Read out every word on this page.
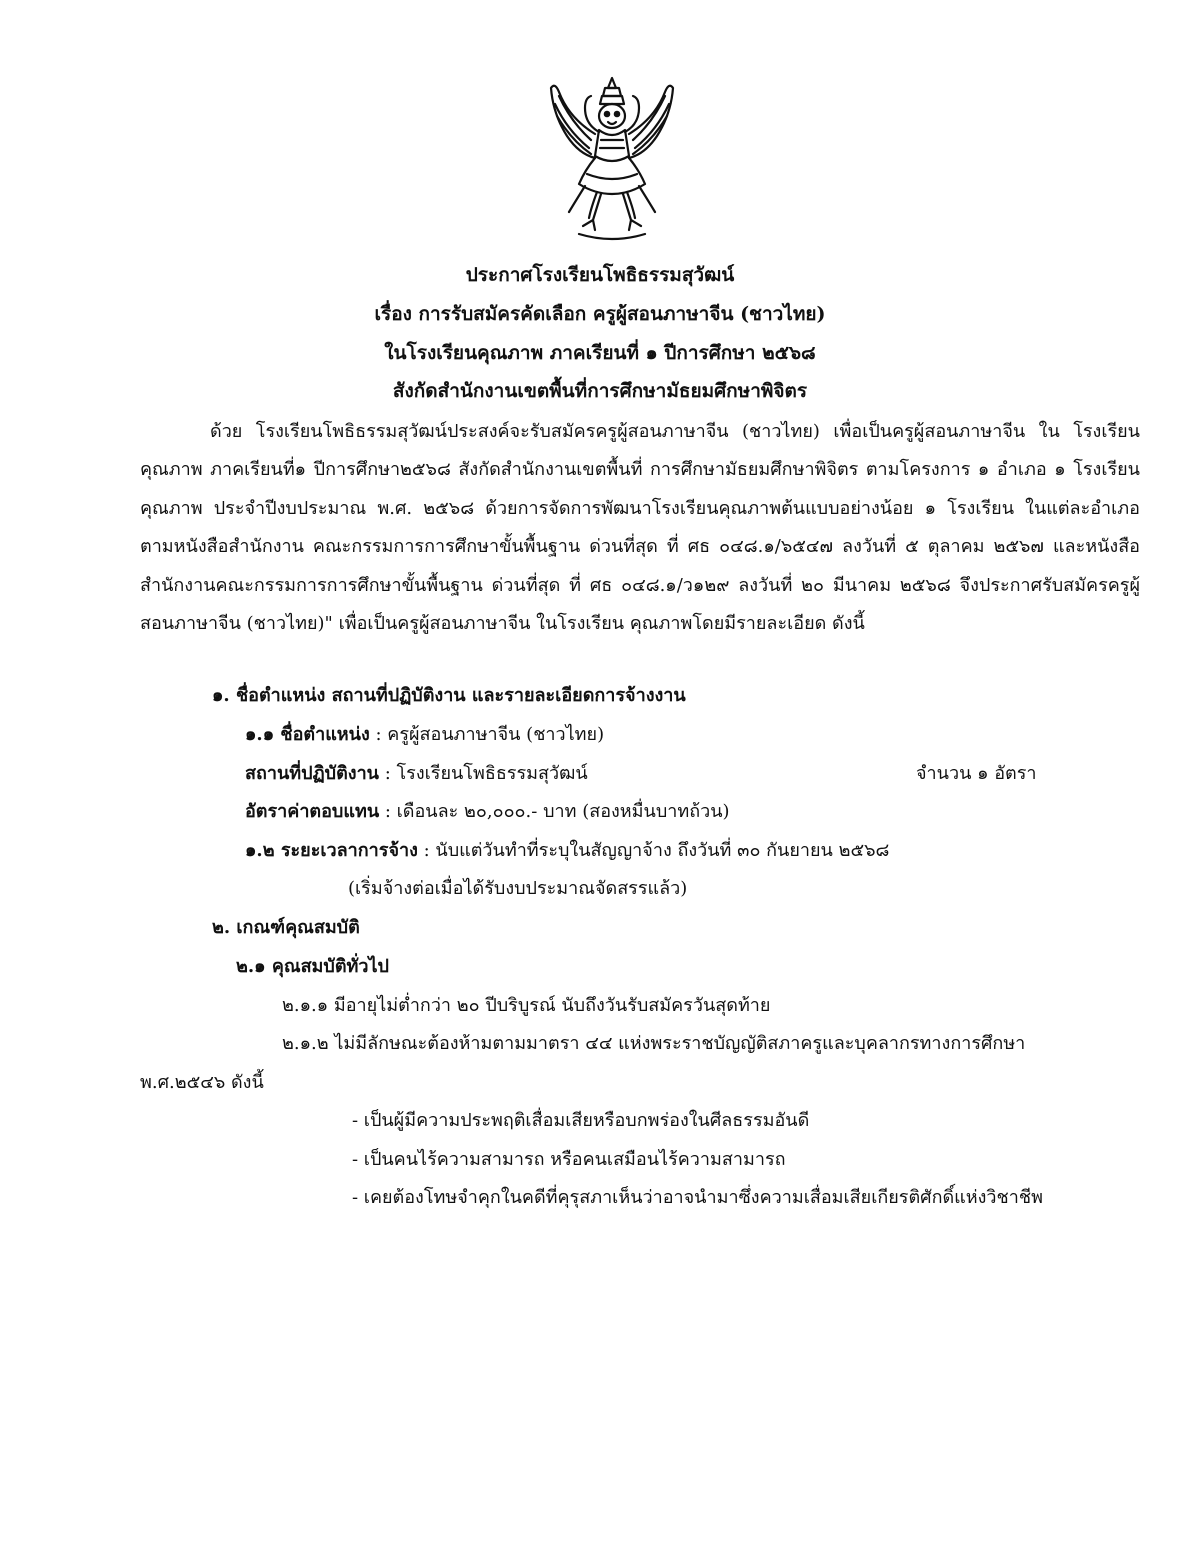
ประกาศโรงเรียนโพธิธรรมสุวัฒน์
เรื่อง การรับสมัครคัดเลือก ครูผู้สอนภาษาจีน (ชาวไทย)
ในโรงเรียนคุณภาพ ภาคเรียนที่ ๑ ปีการศึกษา ๒๕๖๘
สังกัดสำนักงานเขตพื้นที่การศึกษามัธยมศึกษาพิจิตร
ด้วย โรงเรียนโพธิธรรมสุวัฒน์ประสงค์จะรับสมัครครูผู้สอนภาษาจีน (ชาวไทย) เพื่อเป็นครูผู้สอนภาษาจีน ใน โรงเรียนคุณภาพ ภาคเรียนที่๑ ปีการศึกษา๒๕๖๘ สังกัดสำนักงานเขตพื้นที่ การศึกษามัธยมศึกษาพิจิตร ตามโครงการ ๑ อำเภอ ๑ โรงเรียนคุณภาพ ประจำปีงบประมาณ พ.ศ. ๒๕๖๘ ด้วยการจัดการพัฒนาโรงเรียนคุณภาพต้นแบบอย่างน้อย ๑ โรงเรียน ในแต่ละอำเภอ ตามหนังสือสำนักงาน คณะกรรมการการศึกษาขั้นพื้นฐาน ด่วนที่สุด ที่ ศธ ๐๔๘.๑/๖๕๔๗ ลงวันที่ ๕ ตุลาคม ๒๕๖๗ และหนังสือ สำนักงานคณะกรรมการการศึกษาขั้นพื้นฐาน ด่วนที่สุด ที่ ศธ ๐๔๘.๑/ว๑๒๙ ลงวันที่ ๒๐ มีนาคม ๒๕๖๘ จึงประกาศรับสมัครครูผู้สอนภาษาจีน (ชาวไทย)" เพื่อเป็นครูผู้สอนภาษาจีน ในโรงเรียน คุณภาพโดยมีรายละเอียด ดังนี้
๑. ชื่อตำแหน่ง สถานที่ปฏิบัติงาน และรายละเอียดการจ้างงาน
๑.๑ ชื่อตำแหน่ง : ครูผู้สอนภาษาจีน (ชาวไทย)
สถานที่ปฏิบัติงาน : โรงเรียนโพธิธรรมสุวัฒน์	จำนวน ๑ อัตรา
อัตราค่าตอบแทน : เดือนละ ๒๐,๐๐๐.- บาท (สองหมื่นบาทถ้วน)
๑.๒ ระยะเวลาการจ้าง : นับแต่วันทำที่ระบุในสัญญาจ้าง ถึงวันที่ ๓๐ กันยายน ๒๕๖๘
(เริ่มจ้างต่อเมื่อได้รับงบประมาณจัดสรรแล้ว)
๒. เกณฑ์คุณสมบัติ
๒.๑ คุณสมบัติทั่วไป
๒.๑.๑ มีอายุไม่ต่ำกว่า ๒๐ ปีบริบูรณ์ นับถึงวันรับสมัครวันสุดท้าย
๒.๑.๒ ไม่มีลักษณะต้องห้ามตามมาตรา ๔๔ แห่งพระราชบัญญัติสภาครูและบุคลากรทางการศึกษา
พ.ศ.๒๕๔๖ ดังนี้
- เป็นผู้มีความประพฤติเสื่อมเสียหรือบกพร่องในศีลธรรมอันดี
- เป็นคนไร้ความสามารถ หรือคนเสมือนไร้ความสามารถ
- เคยต้องโทษจำคุกในคดีที่คุรุสภาเห็นว่าอาจนำมาซึ่งความเสื่อมเสียเกียรติศักดิ์แห่งวิชาชีพ
